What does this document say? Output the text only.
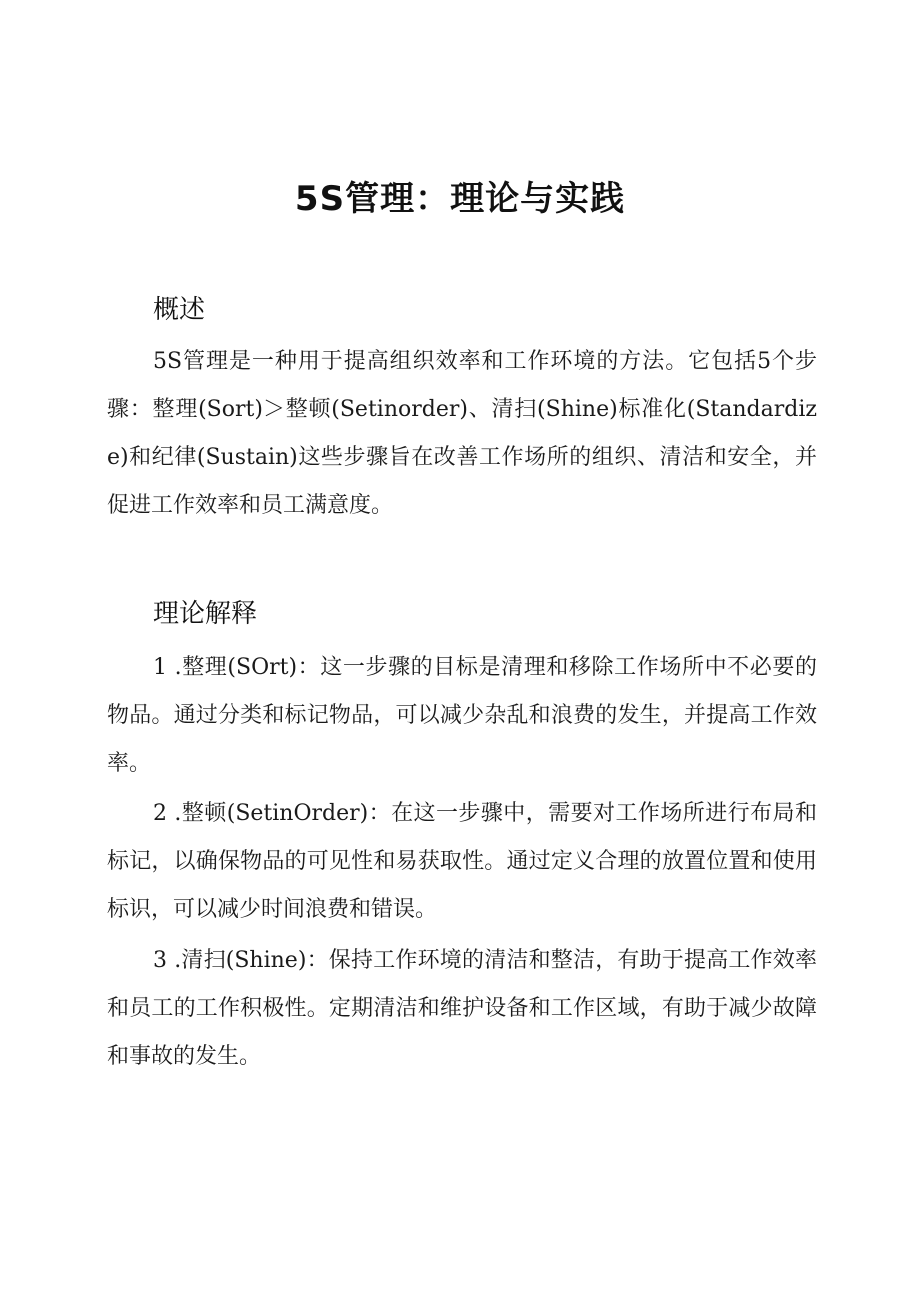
5S管理：理论与实践
概述

5S管理是一种用于提高组织效率和工作环境的方法。它包括5个步骤：整理(Sort)＞整顿(Setinorder)、清扫(Shine)标准化(Standardize)和纪律(Sustain)这些步骤旨在改善工作场所的组织、清洁和安全，并促进工作效率和员工满意度。

理论解释

1 .整理(SOrt)：这一步骤的目标是清理和移除工作场所中不必要的物品。通过分类和标记物品，可以减少杂乱和浪费的发生，并提高工作效率。

2 .整顿(SetinOrder)：在这一步骤中，需要对工作场所进行布局和标记，以确保物品的可见性和易获取性。通过定义合理的放置位置和使用标识，可以减少时间浪费和错误。

3 .清扫(Shine)：保持工作环境的清洁和整洁，有助于提高工作效率和员工的工作积极性。定期清洁和维护设备和工作区域，有助于减少故障和事故的发生。
